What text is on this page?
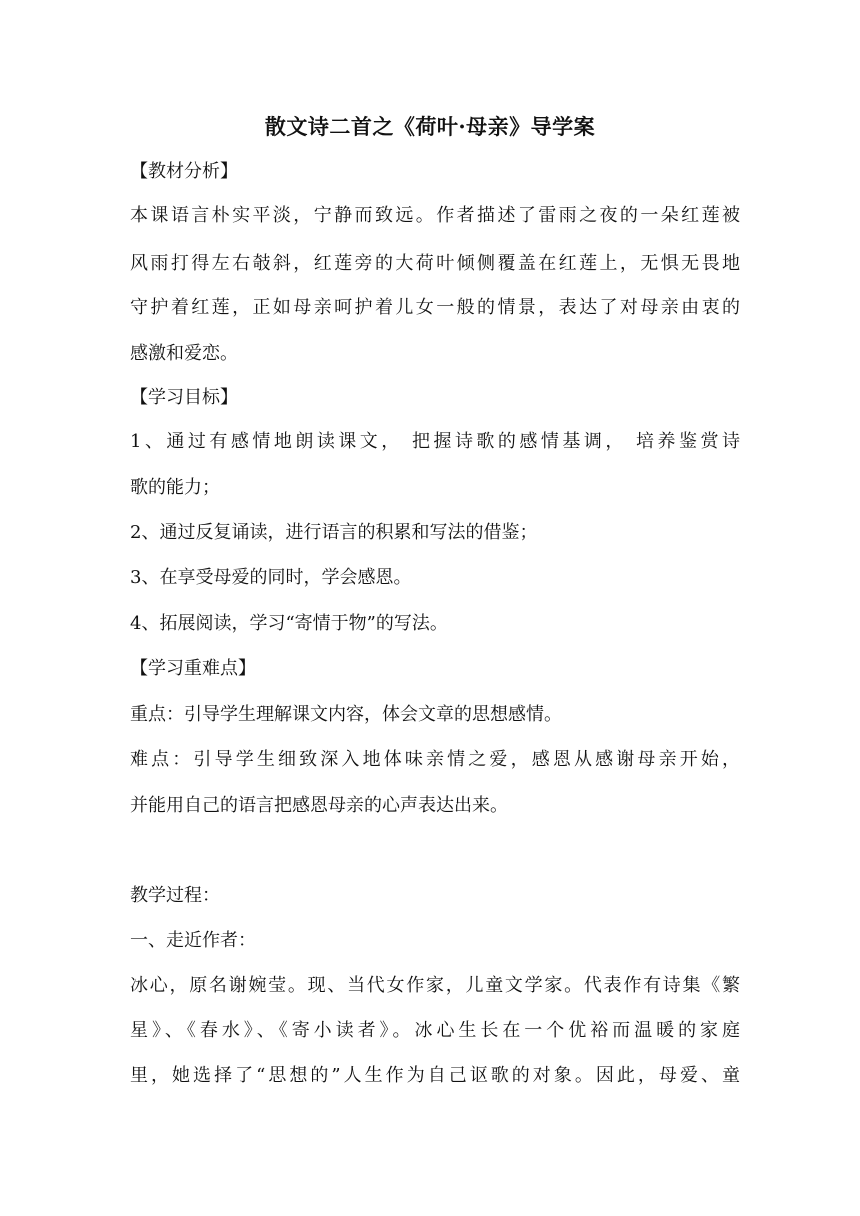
散文诗二首之《荷叶·母亲》导学案
【教材分析】
本课语言朴实平淡，宁静而致远。作者描述了雷雨之夜的一朵红莲被
风雨打得左右攲斜，红莲旁的大荷叶倾侧覆盖在红莲上，无惧无畏地
守护着红莲，正如母亲呵护着儿女一般的情景，表达了对母亲由衷的
感激和爱恋。
【学习目标】
1、通过有感情地朗读课文， 把握诗歌的感情基调， 培养鉴赏诗
歌的能力；
2、通过反复诵读，进行语言的积累和写法的借鉴；
3、在享受母爱的同时，学会感恩。
4、拓展阅读，学习“寄情于物”的写法。
【学习重难点】
重点：引导学生理解课文内容，体会文章的思想感情。
难点：引导学生细致深入地体味亲情之爱，感恩从感谢母亲开始，
并能用自己的语言把感恩母亲的心声表达出来。
教学过程：
一、走近作者：
冰心，原名谢婉莹。现、当代女作家，儿童文学家。代表作有诗集《繁
星》、《春水》、《寄小读者》。冰心生长在一个优裕而温暖的家庭
里，她选择了“思想的”人生作为自己讴歌的对象。因此，母爱、童
